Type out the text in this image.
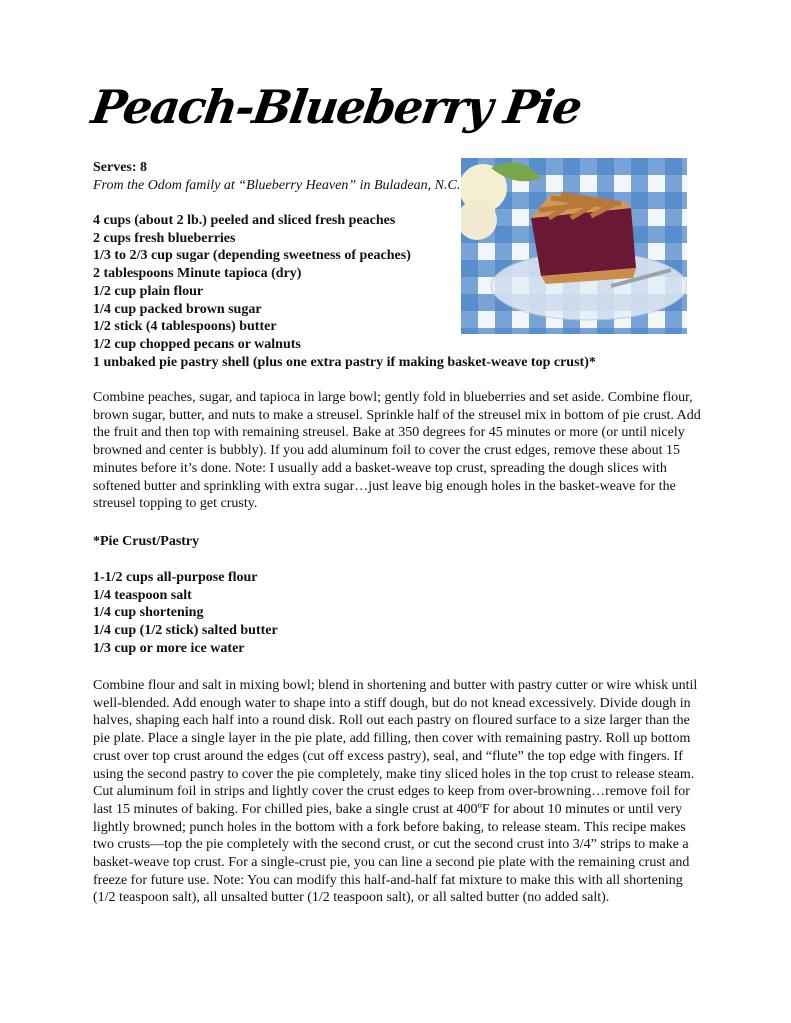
Peach-Blueberry Pie
Serves: 8
From the Odom family at “Blueberry Heaven” in Buladean, N.C.
4 cups (about 2 lb.) peeled and sliced fresh peaches
2 cups fresh blueberries
1/3 to 2/3 cup sugar (depending sweetness of peaches)
2 tablespoons Minute tapioca (dry)
1/2 cup plain flour
1/4 cup packed brown sugar
1/2 stick (4 tablespoons) butter
1/2 cup chopped pecans or walnuts
1 unbaked pie pastry shell (plus one extra pastry if making basket-weave top crust)*

Combine peaches, sugar, and tapioca in large bowl; gently fold in blueberries and set aside. Combine flour, brown sugar, butter, and nuts to make a streusel. Sprinkle half of the streusel mix in bottom of pie crust. Add the fruit and then top with remaining streusel. Bake at 350 degrees for 45 minutes or more (or until nicely browned and center is bubbly). If you add aluminum foil to cover the crust edges, remove these about 15 minutes before it’s done. Note: I usually add a basket-weave top crust, spreading the dough slices with softened butter and sprinkling with extra sugar…just leave big enough holes in the basket-weave for the streusel topping to get crusty.

*Pie Crust/Pastry
1-1/2 cups all-purpose flour
1/4 teaspoon salt
1/4 cup shortening
1/4 cup (1/2 stick) salted butter
1/3 cup or more ice water

Combine flour and salt in mixing bowl; blend in shortening and butter with pastry cutter or wire whisk until well-blended. Add enough water to shape into a stiff dough, but do not knead excessively. Divide dough in halves, shaping each half into a round disk. Roll out each pastry on floured surface to a size larger than the pie plate. Place a single layer in the pie plate, add filling, then cover with remaining pastry. Roll up bottom crust over top crust around the edges (cut off excess pastry), seal, and “flute” the top edge with fingers. If using the second pastry to cover the pie completely, make tiny sliced holes in the top crust to release steam. Cut aluminum foil in strips and lightly cover the crust edges to keep from over-browning…remove foil for last 15 minutes of baking. For chilled pies, bake a single crust at 400ºF for about 10 minutes or until very lightly browned; punch holes in the bottom with a fork before baking, to release steam. This recipe makes two crusts—top the pie completely with the second crust, or cut the second crust into 3/4” strips to make a basket-weave top crust. For a single-crust pie, you can line a second pie plate with the remaining crust and freeze for future use. Note: You can modify this half-and-half fat mixture to make this with all shortening (1/2 teaspoon salt), all unsalted butter (1/2 teaspoon salt), or all salted butter (no added salt).
